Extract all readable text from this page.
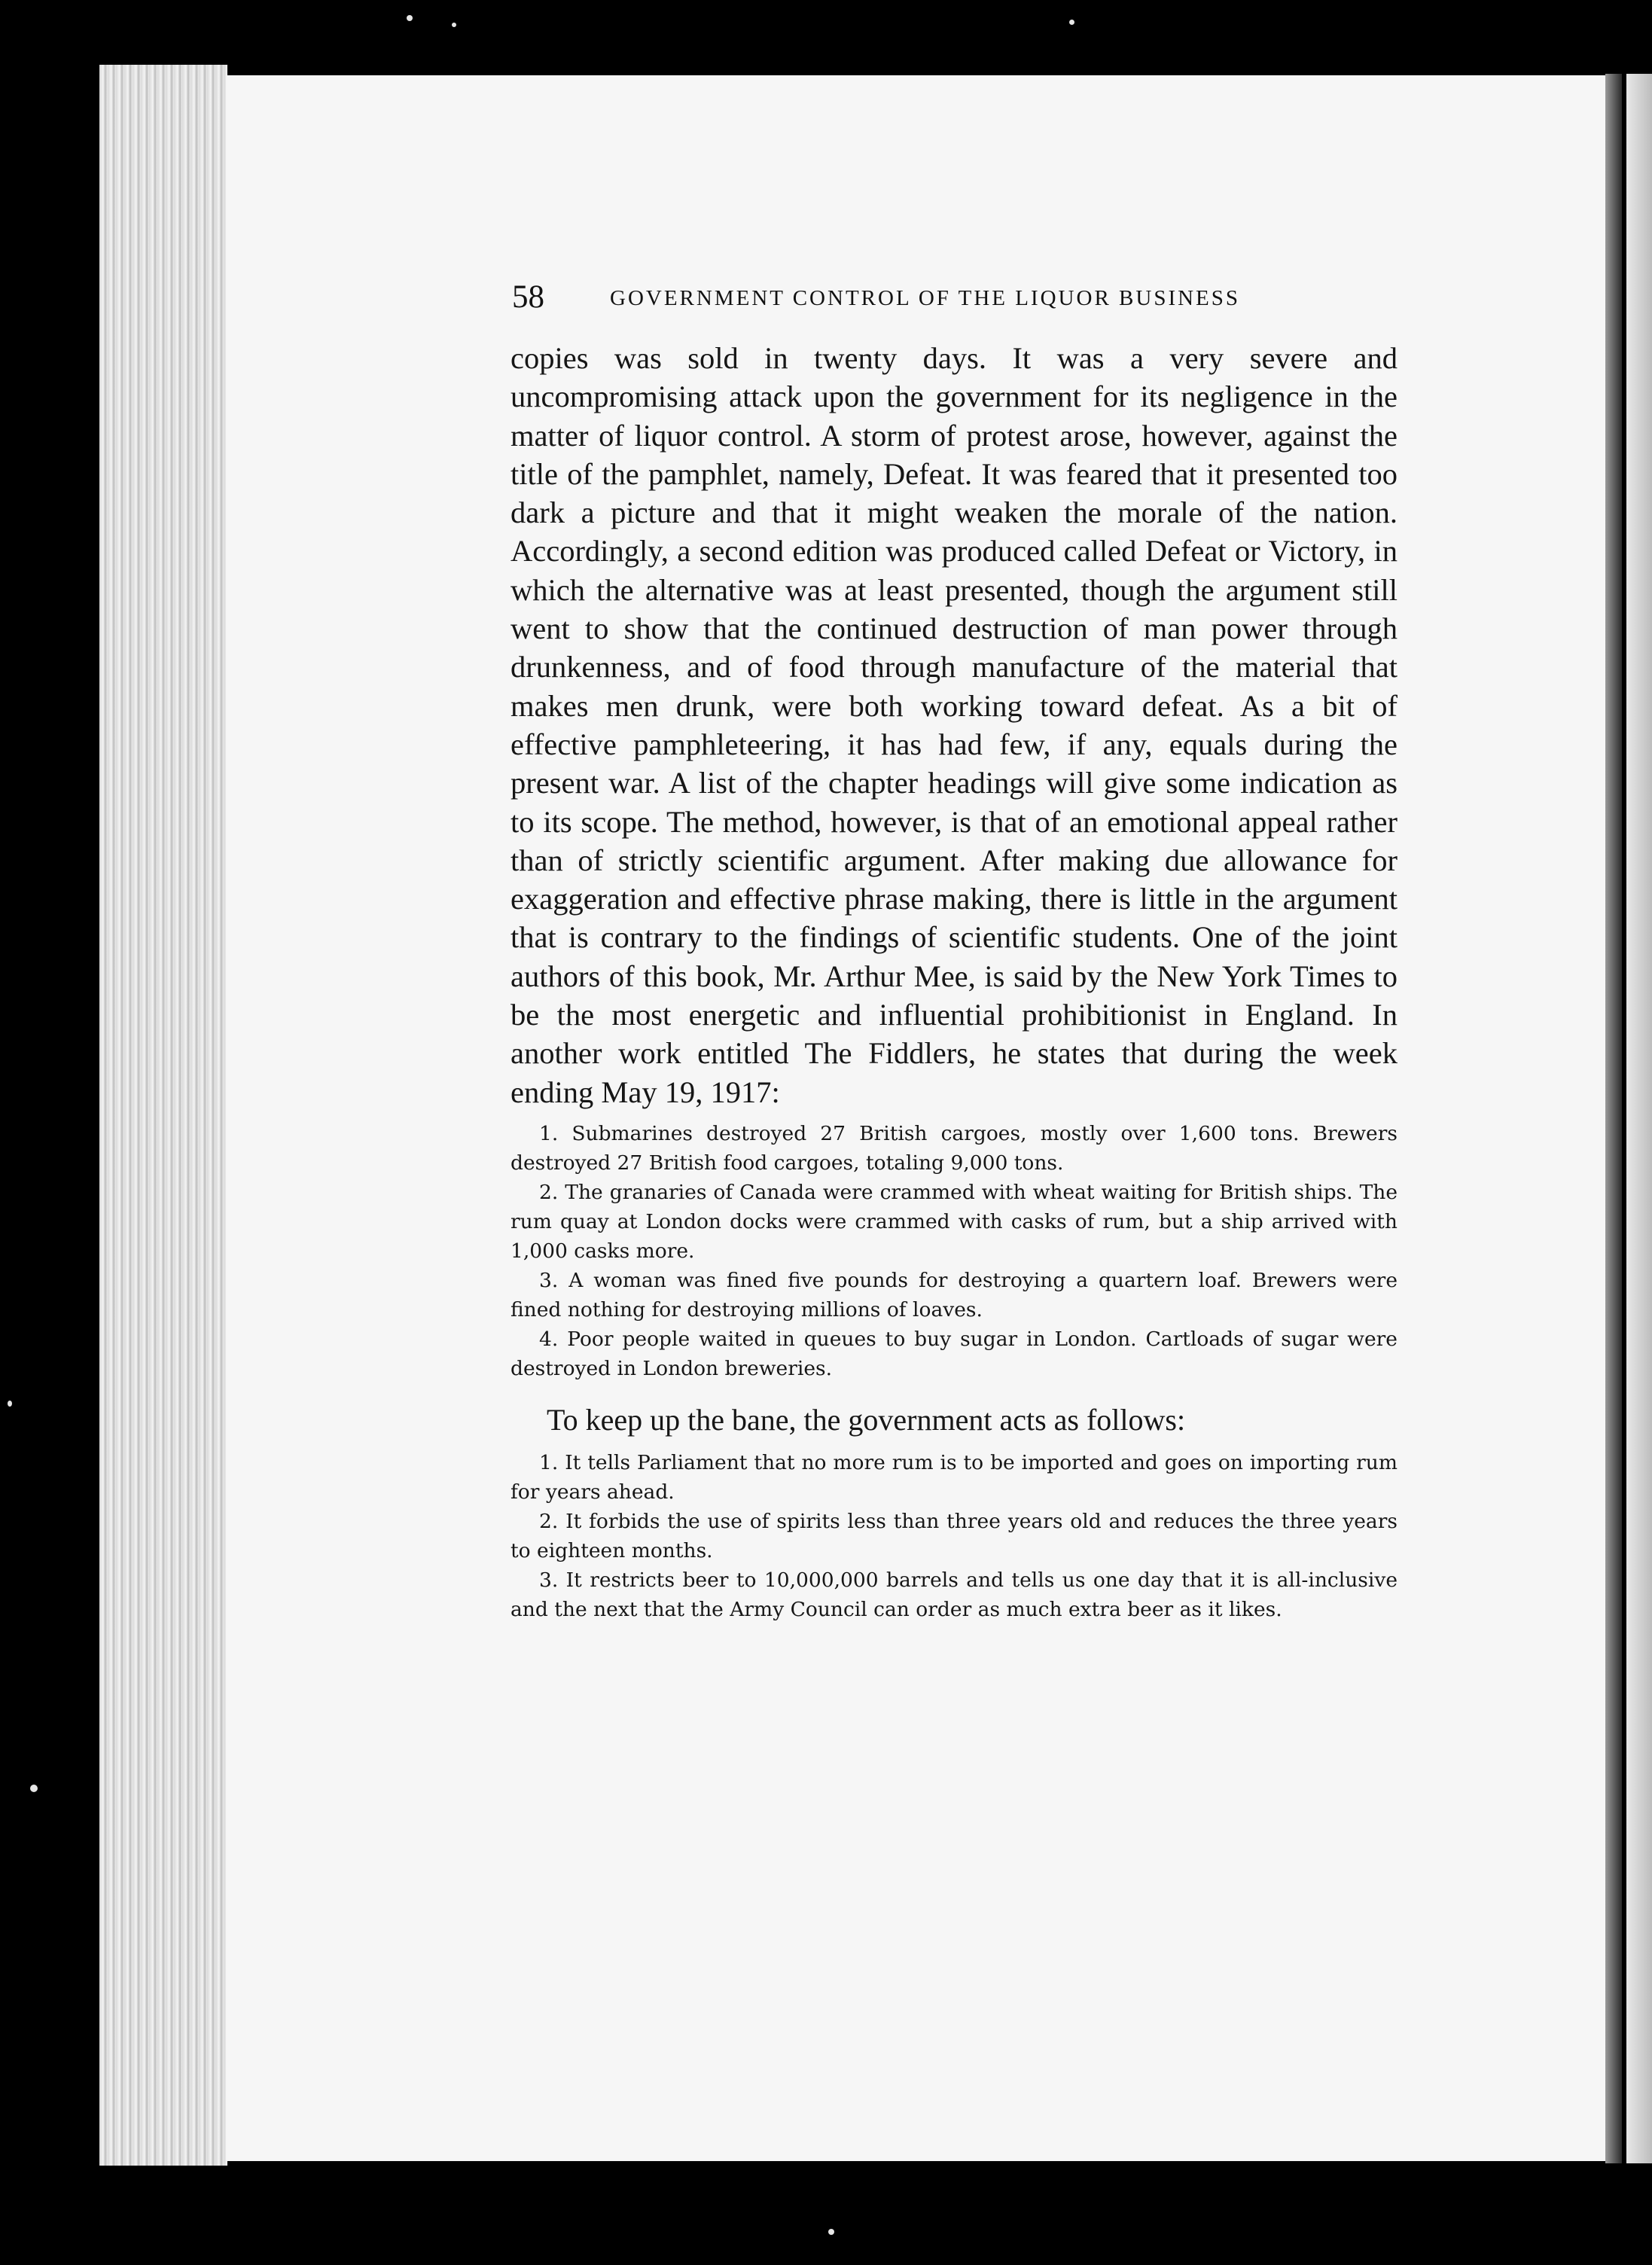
58	GOVERNMENT CONTROL OF THE LIQUOR BUSINESS

copies was sold in twenty days. It was a very severe and uncompromising attack upon the government for its negligence in the matter of liquor control. A storm of protest arose, however, against the title of the pamphlet, namely, Defeat. It was feared that it presented too dark a picture and that it might weaken the morale of the nation. Accordingly, a second edition was produced called Defeat or Victory, in which the alternative was at least presented, though the argument still went to show that the continued destruction of man power through drunkenness, and of food through manufacture of the material that makes men drunk, were both working toward defeat. As a bit of effective pamphleteering, it has had few, if any, equals during the present war. A list of the chapter headings will give some indication as to its scope. The method, however, is that of an emotional appeal rather than of strictly scientific argument. After making due allowance for exaggeration and effective phrase making, there is little in the argument that is contrary to the findings of scientific students. One of the joint authors of this book, Mr. Arthur Mee, is said by the New York Times to be the most energetic and influential prohibitionist in England. In another work entitled The Fiddlers, he states that during the week ending May 19, 1917:

1. Submarines destroyed 27 British cargoes, mostly over 1,600 tons. Brewers destroyed 27 British food cargoes, totaling 9,000 tons.

2. The granaries of Canada were crammed with wheat waiting for British ships. The rum quay at London docks were crammed with casks of rum, but a ship arrived with 1,000 casks more.

3. A woman was fined five pounds for destroying a quartern loaf. Brewers were fined nothing for destroying millions of loaves.

4. Poor people waited in queues to buy sugar in London. Cartloads of sugar were destroyed in London breweries.

To keep up the bane, the government acts as follows:

1. It tells Parliament that no more rum is to be imported and goes on importing rum for years ahead.

2. It forbids the use of spirits less than three years old and reduces the three years to eighteen months.

3. It restricts beer to 10,000,000 barrels and tells us one day that it is all-inclusive and the next that the Army Council can order as much extra beer as it likes.
